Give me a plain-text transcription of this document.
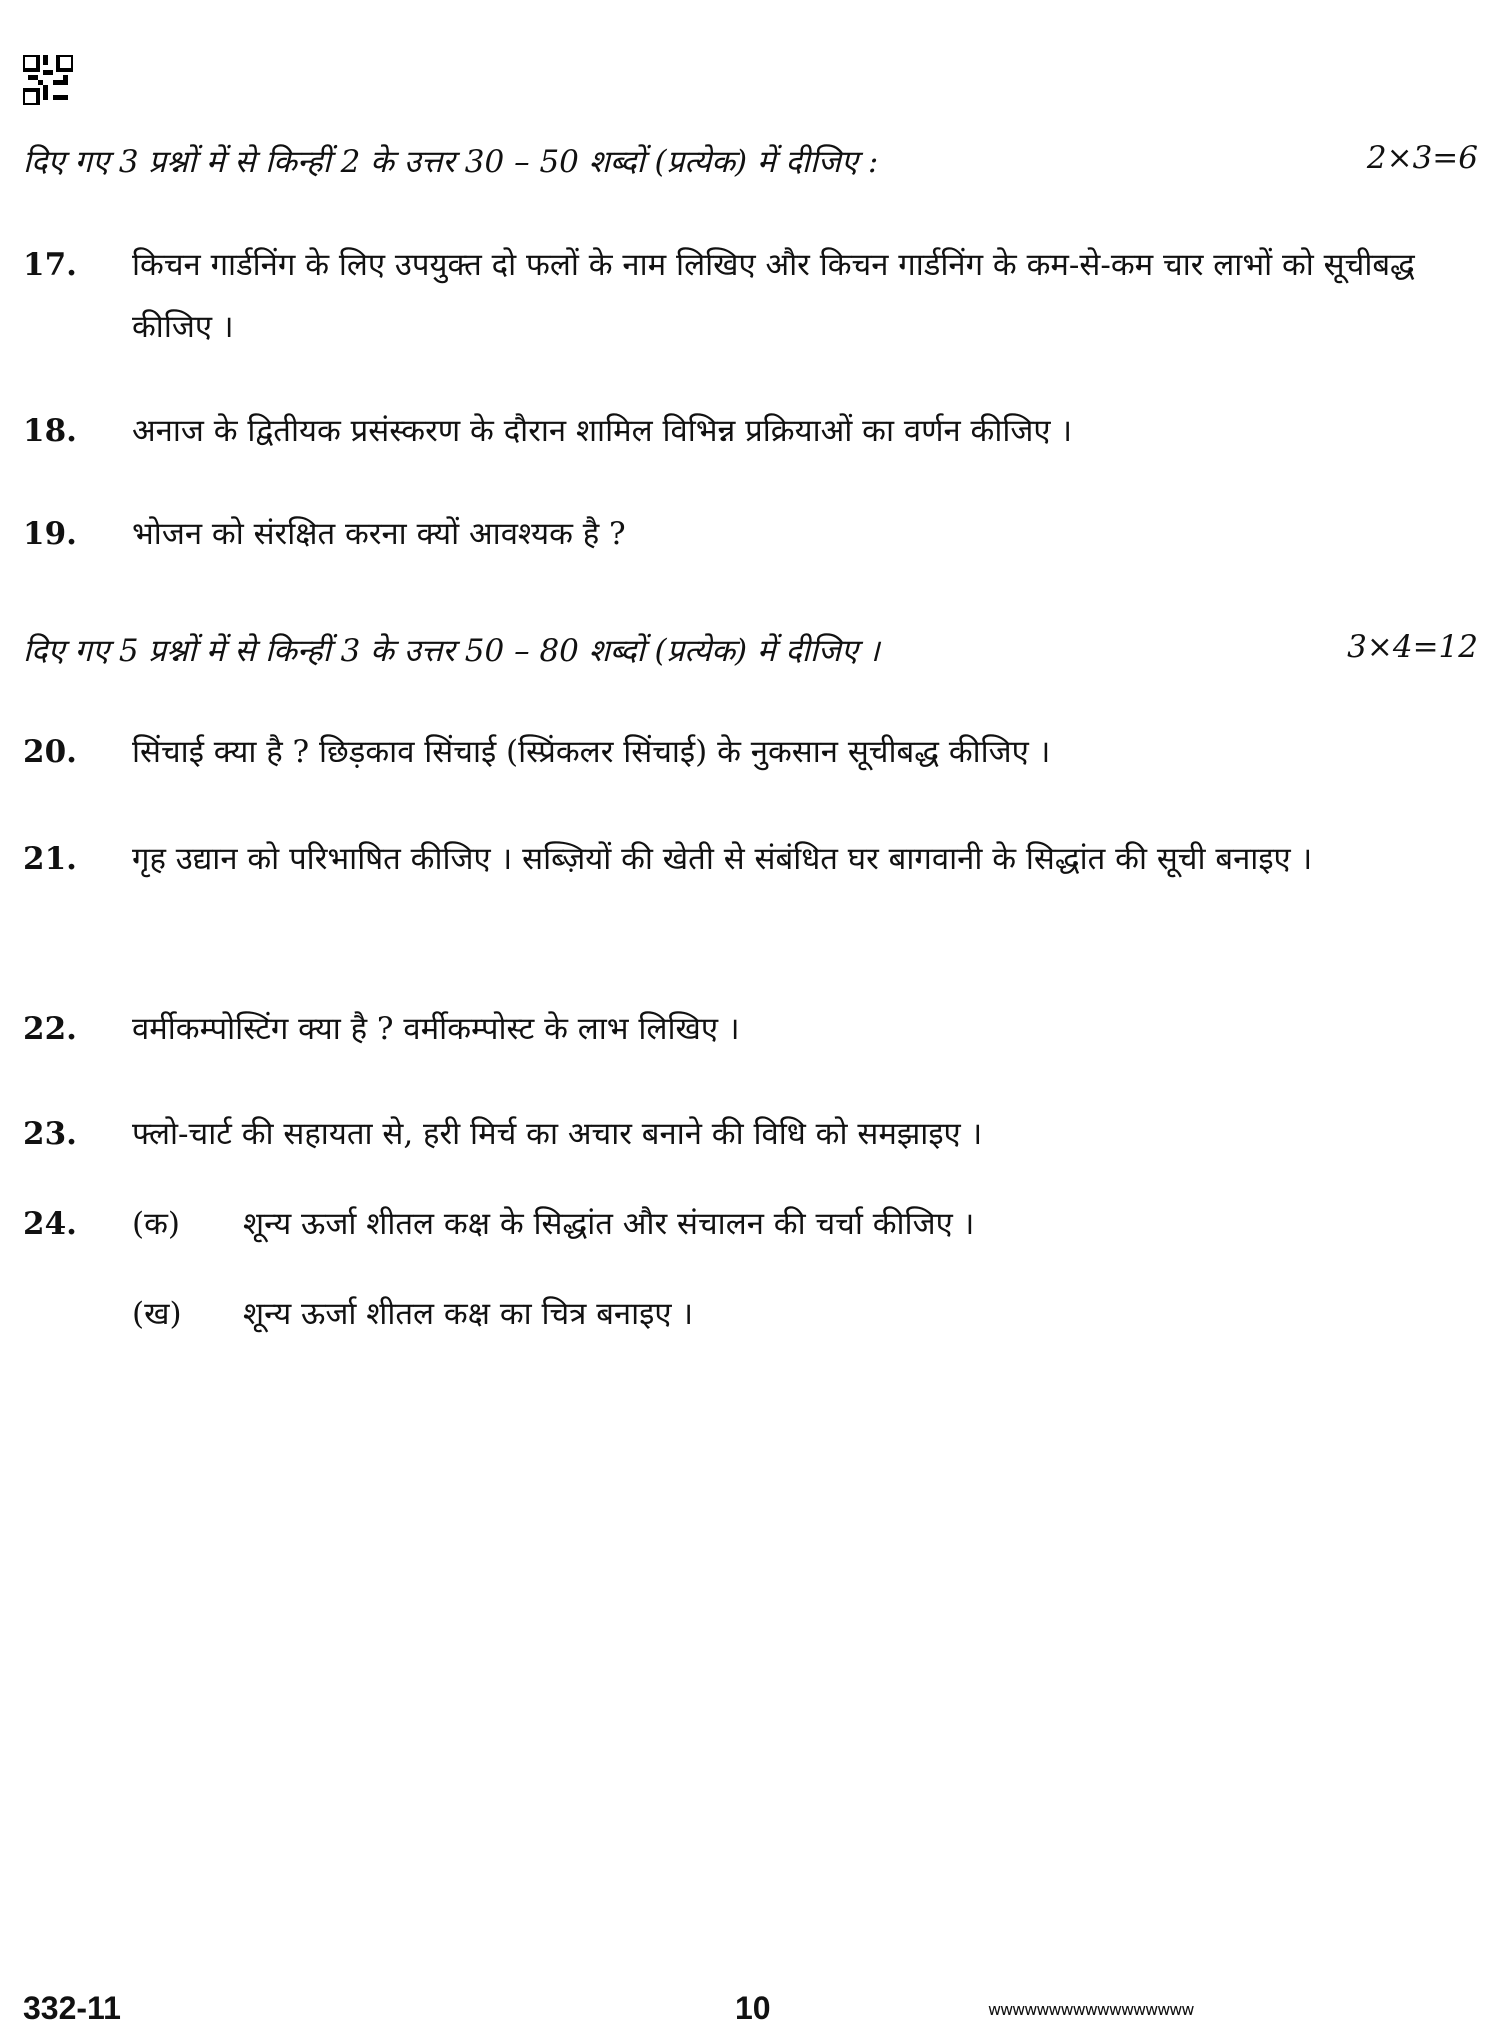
दिए गए 3 प्रश्नों में से किन्हीं 2 के उत्तर 30 – 50 शब्दों (प्रत्येक) में दीजिए :	2×3=6
17.	किचन गार्डनिंग के लिए उपयुक्त दो फलों के नाम लिखिए और किचन गार्डनिंग के कम-से-कम चार लाभों को सूचीबद्ध कीजिए ।
18.	अनाज के द्वितीयक प्रसंस्करण के दौरान शामिल विभिन्न प्रक्रियाओं का वर्णन कीजिए ।
19.	भोजन को संरक्षित करना क्यों आवश्यक है ?
दिए गए 5 प्रश्नों में से किन्हीं 3 के उत्तर 50 – 80 शब्दों (प्रत्येक) में दीजिए ।	3×4=12
20.	सिंचाई क्या है ? छिड़काव सिंचाई (स्प्रिंकलर सिंचाई) के नुकसान सूचीबद्ध कीजिए ।
21.	गृह उद्यान को परिभाषित कीजिए । सब्ज़ियों की खेती से संबंधित घर बागवानी के सिद्धांत की सूची बनाइए ।
22.	वर्मीकम्पोस्टिंग क्या है ? वर्मीकम्पोस्ट के लाभ लिखिए ।
23.	फ्लो-चार्ट की सहायता से, हरी मिर्च का अचार बनाने की विधि को समझाइए ।
24.	(क)	शून्य ऊर्जा शीतल कक्ष के सिद्धांत और संचालन की चर्चा कीजिए ।
(ख)	शून्य ऊर्जा शीतल कक्ष का चित्र बनाइए ।
332-11	10	wwwwwwwwwwwwwwwww
